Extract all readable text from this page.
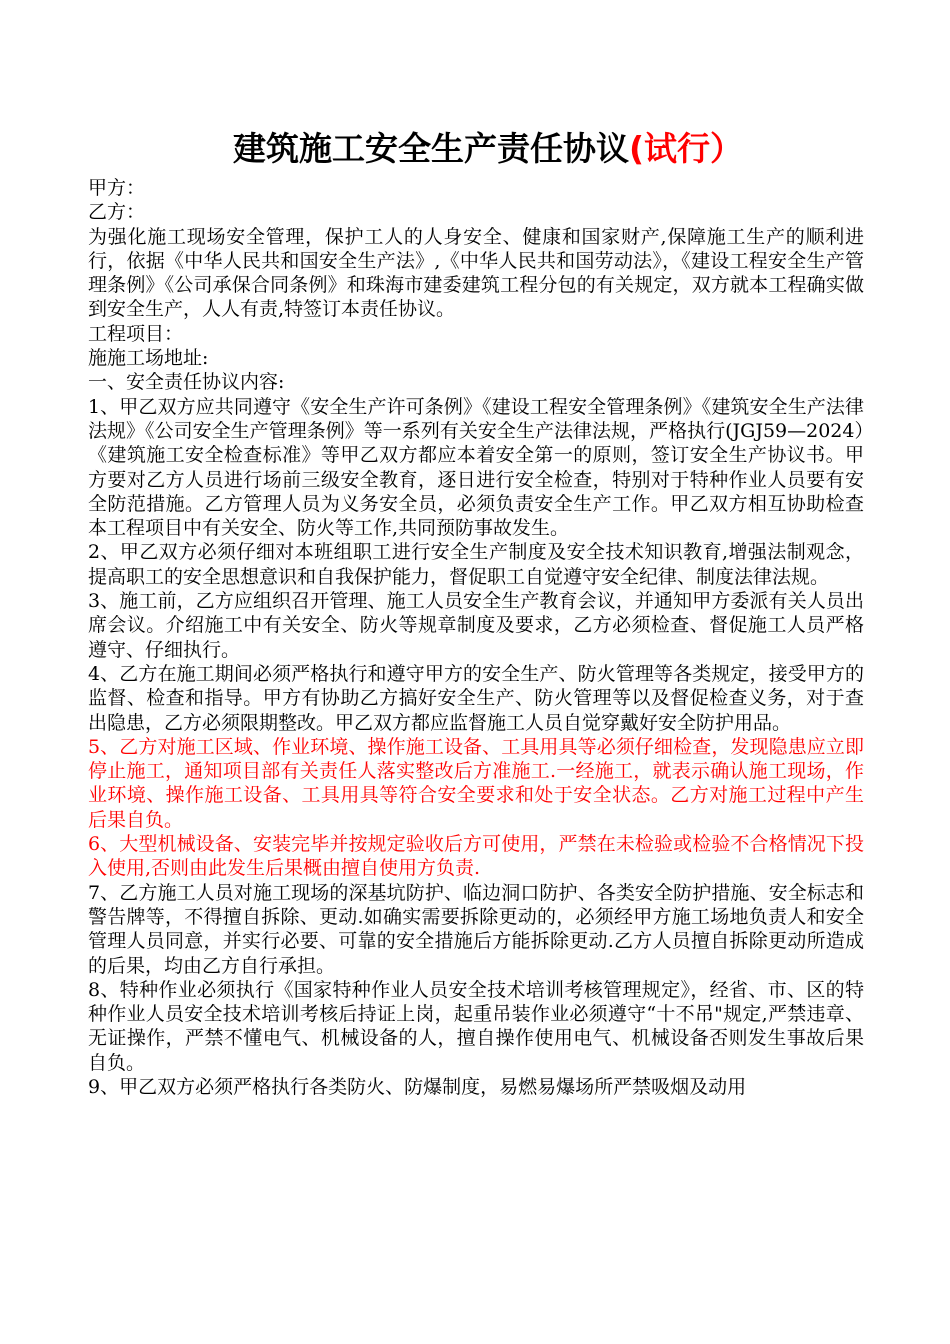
建筑施工安全生产责任协议(试行）

甲方：

乙方：

为强化施工现场安全管理，保护工人的人身安全、健康和国家财产,保障施工生产的顺利进行，依据《中华人民共和国安全生产法》,《中华人民共和国劳动法》，《建设工程安全生产管理条例》《公司承保合同条例》和珠海市建委建筑工程分包的有关规定，双方就本工程确实做到安全生产，人人有责,特签订本责任协议。

工程项目：

施施工场地址:

一、安全责任协议内容:

1、甲乙双方应共同遵守《安全生产许可条例》《建设工程安全管理条例》《建筑安全生产法律法规》《公司安全生产管理条例》等一系列有关安全生产法律法规，严格执行(JGJ59—2024）《建筑施工安全检查标准》等甲乙双方都应本着安全第一的原则，签订安全生产协议书。甲方要对乙方人员进行场前三级安全教育，逐日进行安全检查，特别对于特种作业人员要有安全防范措施。乙方管理人员为义务安全员，必须负责安全生产工作。甲乙双方相互协助检查本工程项目中有关安全、防火等工作,共同预防事故发生。

2、甲乙双方必须仔细对本班组职工进行安全生产制度及安全技术知识教育,增强法制观念，提高职工的安全思想意识和自我保护能力，督促职工自觉遵守安全纪律、制度法律法规。

3、施工前，乙方应组织召开管理、施工人员安全生产教育会议，并通知甲方委派有关人员出席会议。介绍施工中有关安全、防火等规章制度及要求，乙方必须检查、督促施工人员严格遵守、仔细执行。

4、乙方在施工期间必须严格执行和遵守甲方的安全生产、防火管理等各类规定，接受甲方的监督、检查和指导。甲方有协助乙方搞好安全生产、防火管理等以及督促检查义务，对于查出隐患，乙方必须限期整改。甲乙双方都应监督施工人员自觉穿戴好安全防护用品。

5、乙方对施工区域、作业环境、操作施工设备、工具用具等必须仔细检查，发现隐患应立即停止施工，通知项目部有关责任人落实整改后方准施工.一经施工，就表示确认施工现场，作业环境、操作施工设备、工具用具等符合安全要求和处于安全状态。乙方对施工过程中产生后果自负。

6、大型机械设备、安装完毕并按规定验收后方可使用，严禁在未检验或检验不合格情况下投入使用,否则由此发生后果概由擅自使用方负责.

7、乙方施工人员对施工现场的深基坑防护、临边洞口防护、各类安全防护措施、安全标志和警告牌等，不得擅自拆除、更动.如确实需要拆除更动的，必须经甲方施工场地负责人和安全管理人员同意，并实行必要、可靠的安全措施后方能拆除更动.乙方人员擅自拆除更动所造成的后果，均由乙方自行承担。

8、特种作业必须执行《国家特种作业人员安全技术培训考核管理规定》，经省、市、区的特种作业人员安全技术培训考核后持证上岗，起重吊装作业必须遵守“十不吊"规定,严禁违章、无证操作，严禁不懂电气、机械设备的人，擅自操作使用电气、机械设备否则发生事故后果自负。

9、甲乙双方必须严格执行各类防火、防爆制度，易燃易爆场所严禁吸烟及动用
